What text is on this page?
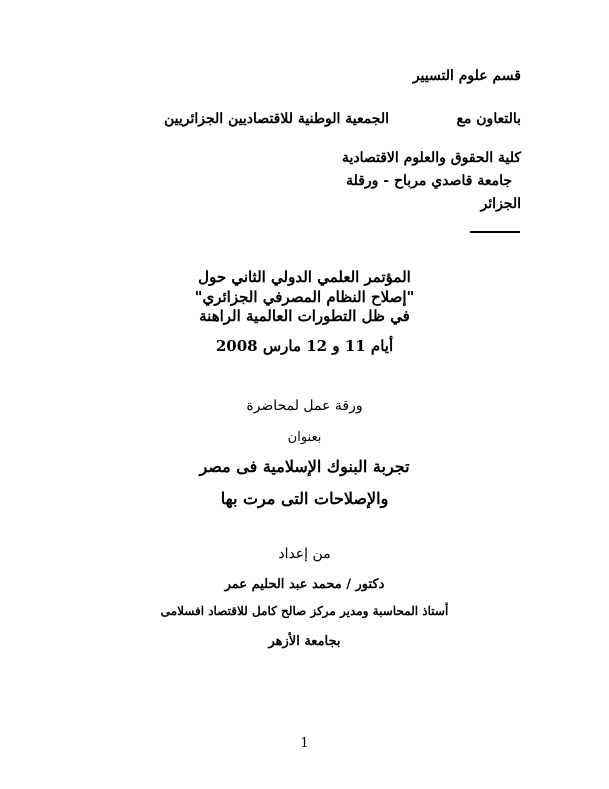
قسم علوم التسيير
بالتعاون مع
الجمعية الوطنية للاقتصاديين الجزائريين
كلية الحقوق والعلوم الاقتصادية
جامعة قاصدي مرباح - ورقلة
الجزائر
المؤتمر العلمي الدولي الثاني حول
"إصلاح النظام المصرفي الجزائري"
في ظل التطورات العالمية الراهنة
أيام 11 و 12 مارس 2008
ورقة عمل لمحاضرة
بعنوان
تجربة البنوك الإسلامية فى مصر
والإصلاحات التى مرت بها
من إعداد
دكتور / محمد عبد الحليم عمر
أستاذ المحاسبة ومدير مركز صالح كامل للاقتصاد افسلامى
بجامعة الأزهر
1
